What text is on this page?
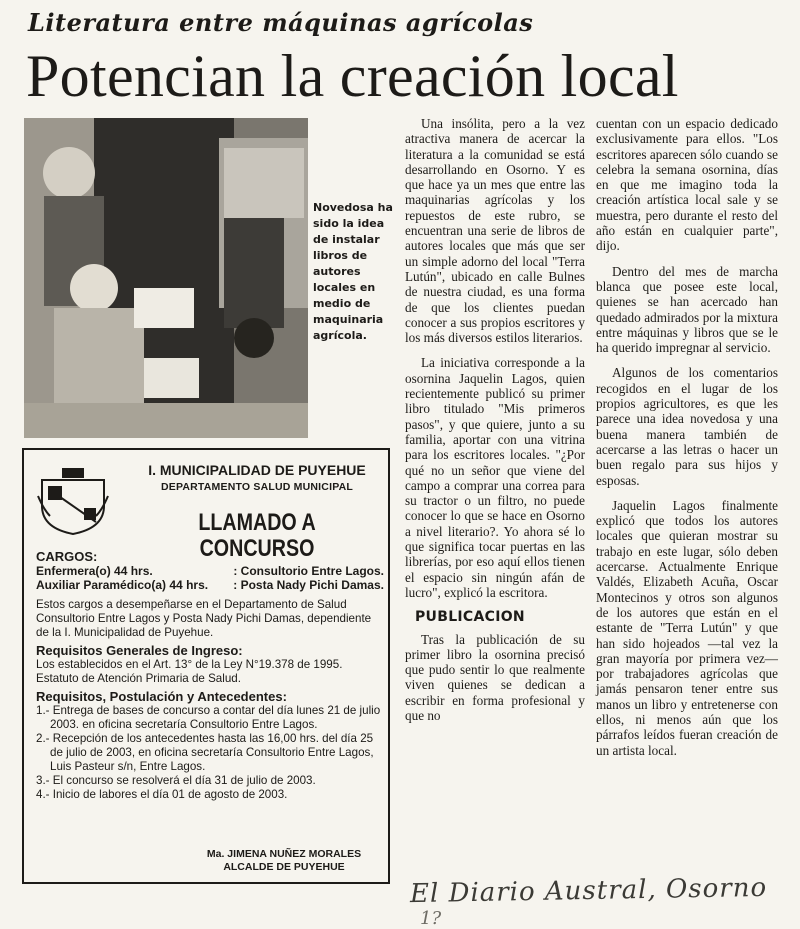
Literatura entre máquinas agrícolas
Potencian la creación local
Novedosa ha sido la idea de instalar libros de autores locales en medio de maquinaria agrícola.
I. MUNICIPALIDAD DE PUYEHUE
DEPARTAMENTO SALUD MUNICIPAL
LLAMADO A CONCURSO
CARGOS:
Enfermera(o) 44 hrs.	: Consultorio Entre Lagos.
Auxiliar Paramédico(a) 44 hrs. : Posta Nady Pichi Damas.

Estos cargos a desempeñarse en el Departamento de Salud Consultorio Entre Lagos y Posta Nady Pichi Damas, dependiente de la I. Municipalidad de Puyehue.

Requisitos Generales de Ingreso:
Los establecidos en el Art. 13° de la Ley N°19.378 de 1995. Estatuto de Atención Primaria de Salud.
Requisitos, Postulación y Antecedentes:
1.- Entrega de bases de concurso a contar del día lunes 21 de julio 2003. en oficina secretaría Consultorio Entre Lagos.
2.- Recepción de los antecedentes hasta las 16,00 hrs. del día 25 de julio de 2003, en oficina secretaría Consultorio Entre Lagos, Luis Pasteur s/n, Entre Lagos.
3.- El concurso se resolverá el día 31 de julio de 2003.
4.- Inicio de labores el día 01 de agosto de 2003.
Ma. JIMENA NUÑEZ MORALES
ALCALDE DE PUYEHUE

Una insólita, pero a la vez atractiva manera de acercar la literatura a la comunidad se está desarrollando en Osorno. Y es que hace ya un mes que entre las maquinarias agrícolas y los repuestos de este rubro, se encuentran una serie de libros de autores locales que más que ser un simple adorno del local "Terra Lutún", ubicado en calle Bulnes de nuestra ciudad, es una forma de que los clientes puedan conocer a sus propios escritores y los más diversos estilos literarios.

La iniciativa corresponde a la osornina Jaquelin Lagos, quien recientemente publicó su primer libro titulado "Mis primeros pasos", y que quiere, junto a su familia, aportar con una vitrina para los escritores locales. "¿Por qué no un señor que viene del campo a comprar una correa para su tractor o un filtro, no puede conocer lo que se hace en Osorno a nivel literario?. Yo ahora sé lo que significa tocar puertas en las librerías, por eso aquí ellos tienen el espacio sin ningún afán de lucro", explicó la escritora.

PUBLICACION

Tras la publicación de su primer libro la osornina precisó que pudo sentir lo que realmente viven quienes se dedican a escribir en forma profesional y que no

cuentan con un espacio dedicado exclusivamente para ellos. "Los escritores aparecen sólo cuando se celebra la semana osornina, días en que me imagino toda la creación artística local sale y se muestra, pero durante el resto del año están en cualquier parte", dijo.

Dentro del mes de marcha blanca que posee este local, quienes se han acercado han quedado admirados por la mixtura entre máquinas y libros que se le ha querido impregnar al servicio.

Algunos de los comentarios recogidos en el lugar de los propios agricultores, es que les parece una idea novedosa y una buena manera también de acercarse a las letras o hacer un buen regalo para sus hijos y esposas.

Jaquelin Lagos finalmente explicó que todos los autores locales que quieran mostrar su trabajo en este lugar, sólo deben acercarse. Actualmente Enrique Valdés, Elizabeth Acuña, Oscar Montecinos y otros son algunos de los autores que están en el estante de "Terra Lutún" y que han sido hojeados —tal vez la gran mayoría por primera vez— por trabajadores agrícolas que jamás pensaron tener entre sus manos un libro y entretenerse con ellos, ni menos aún que los párrafos leídos fueran creación de un artista local.

El Diario Austral, Osorno
1?
